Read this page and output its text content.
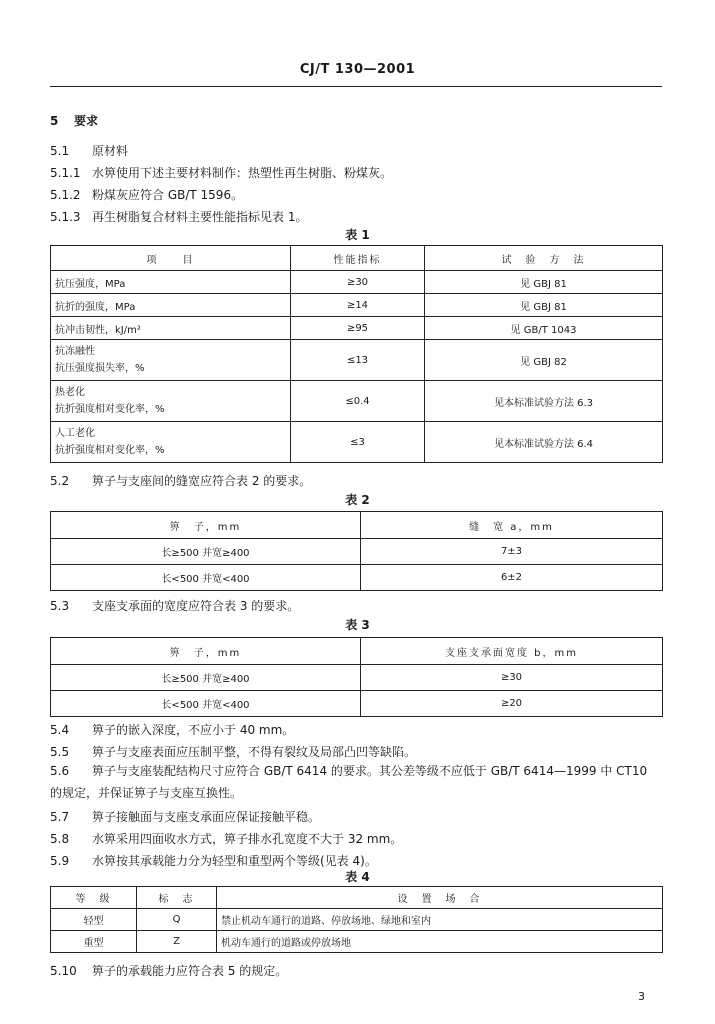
CJ/T 130—2001
5 要求
5.1 原材料
5.1.1 水箅使用下述主要材料制作：热塑性再生树脂、粉煤灰。
5.1.2 粉煤灰应符合 GB/T 1596。
5.1.3 再生树脂复合材料主要性能指标见表 1。
表 1
项　　目	性能指标	试　验　方　法
抗压强度，MPa	≥30	见 GBJ 81
抗折的强度，MPa	≥14	见 GBJ 81
抗冲击韧性，kJ/m²	≥95	见 GB/T 1043

抗冻融性
抗压强度损失率，%	≤13	见 GBJ 82

热老化
抗折强度相对变化率，%	≤0.4	见本标准试验方法 6.3

人工老化
抗折强度相对变化率，%	≤3	见本标准试验方法 6.4
5.2 箅子与支座间的缝宽应符合表 2 的要求。
表 2
箅　子，mm	缝　宽 a，mm
长≥500 并宽≥400	7±3
长<500 并宽<400	6±2
5.3 支座支承面的宽度应符合表 3 的要求。
表 3
箅　子，mm	支座支承面宽度 b，mm
长≥500 并宽≥400	≥30
长<500 并宽<400	≥20
5.4 箅子的嵌入深度，不应小于 40 mm。
5.5 箅子与支座表面应压制平整，不得有裂纹及局部凸凹等缺陷。
5.6 箅子与支座装配结构尺寸应符合 GB/T 6414 的要求。其公差等级不应低于 GB/T 6414—1999 中 CT10 的规定，并保证箅子与支座互换性。
5.7 箅子接触面与支座支承面应保证接触平稳。
5.8 水箅采用四面收水方式，箅子排水孔宽度不大于 32 mm。
5.9 水箅按其承载能力分为轻型和重型两个等级(见表 4)。
表 4
等　级	标　志	设　置　场　合
轻型	Q	禁止机动车通行的道路、停放场地、绿地和室内
重型	Z	机动车通行的道路或停放场地
5.10 箅子的承载能力应符合表 5 的规定。
3
